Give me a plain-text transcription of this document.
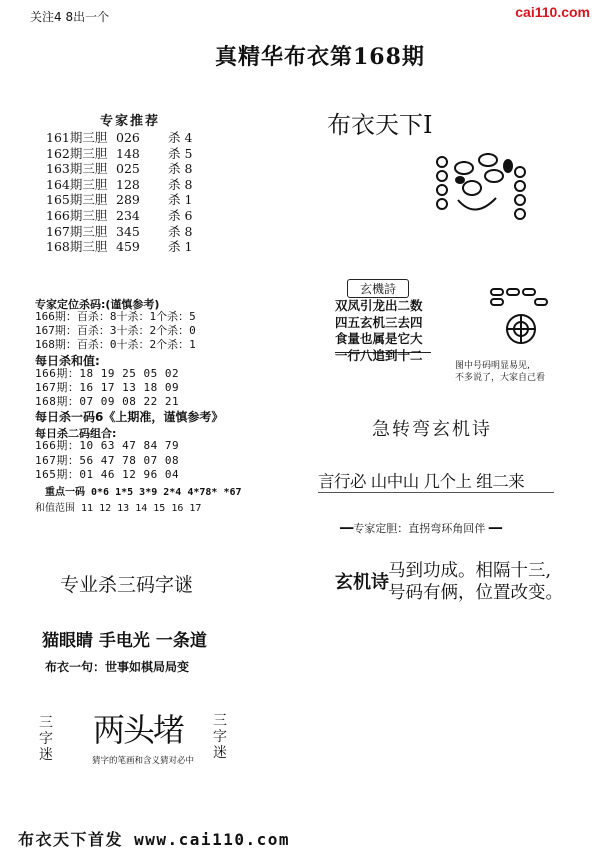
关注4 8出一个	cai110.com
真精华布衣第168期
专家推荐
161期三胆 026 杀 4
162期三胆 148 杀 5
163期三胆 025 杀 8
164期三胆 128 杀 8
165期三胆 289 杀 1
166期三胆 234 杀 6
167期三胆 345 杀 8
168期三胆 459 杀 1
专家定位杀码:(谨慎参考)
166期：百杀：8十杀：1个杀：5
167期：百杀：3十杀：2个杀：0
168期：百杀：0十杀：2个杀：1
每日杀和值:
166期：18 19 25 05 02
167期：16 17 13 18 09
168期：07 09 08 22 21
每日杀一码6《上期准，谨慎参考》
每日杀二码组合:
166期：10 63 47 84 79
167期：56 47 78 07 08
165期：01 46 12 96 04
重点一码 0*6 1*5 3*9 2*4 4*78* *67
和值范围 11 12 13 14 15 16 17
专业杀三码字谜
猫眼睛 手电光 一条道
布衣一句：世事如棋局局变
三字迷
两头堵 三字迷
猜字的笔画和含义猜对必中
布衣天下Ⅰ
玄機詩
双凤引龙出二数
四五玄机三去四
食量也属是它大
一行八追到十二
图中号码明显易见,
不多说了，大家自己看
急转弯玄机诗
言行必 山中山 几个上 组二来
━━专家定胆：直拐弯环角回伴 ━━
玄机诗
马到功成。相隔十三,
号码有俩，位置改变。
布衣天下首发 www.cai110.com
